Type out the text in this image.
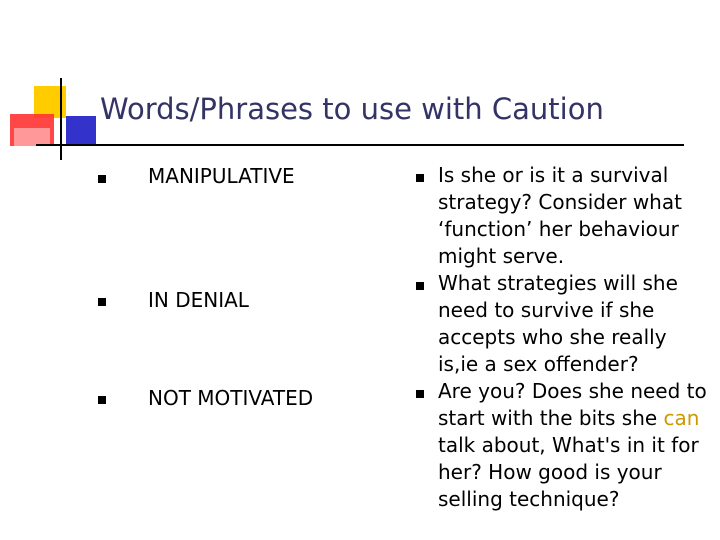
Words/Phrases to use with Caution
MANIPULATIVE
IN DENIAL
NOT MOTIVATED

Is she or is it a survival strategy? Consider what ‘function’ her behaviour might serve.

What strategies will she need to survive if she accepts who she really is,ie a sex offender?

Are you? Does she need to start with the bits she can talk about, What's in it for her? How good is your selling technique?
